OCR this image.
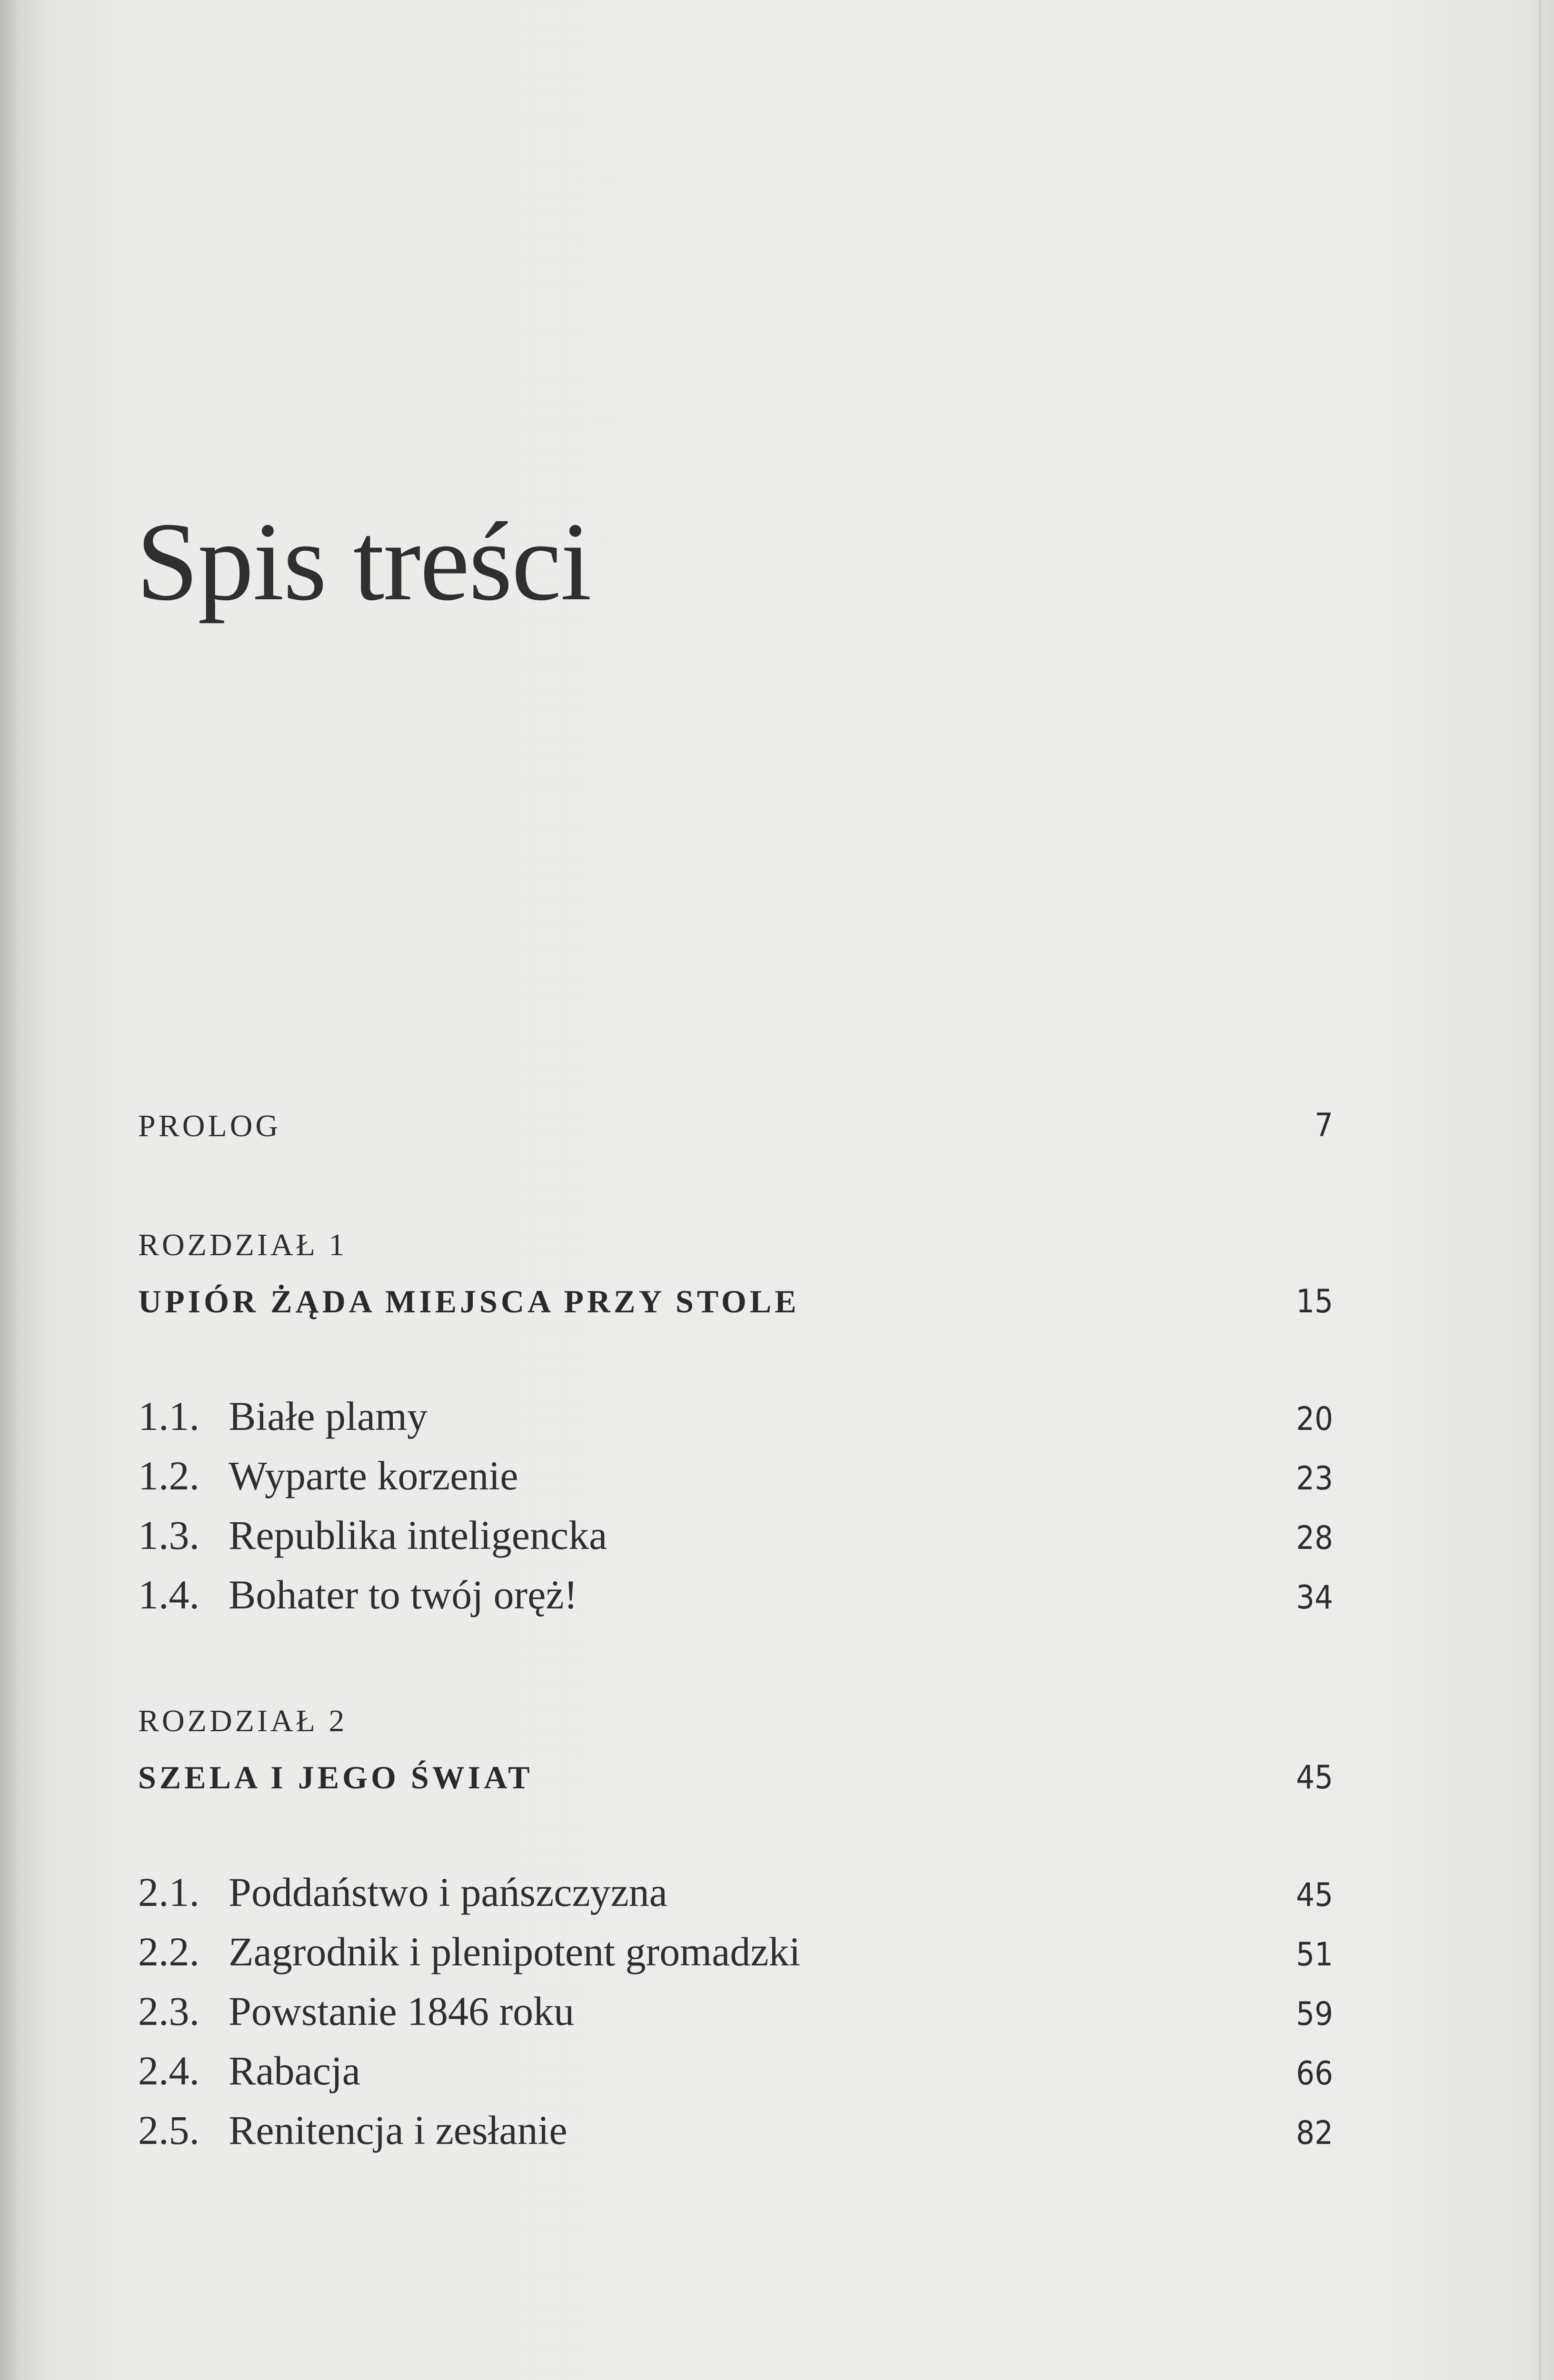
Spis treści
PROLOG	7
ROZDZIAŁ 1
UPIÓR ŻĄDA MIEJSCA PRZY STOLE	15
1.1. Białe plamy	20
1.2. Wyparte korzenie	23
1.3. Republika inteligencka	28
1.4. Bohater to twój oręż!	34
ROZDZIAŁ 2
SZELA I JEGO ŚWIAT	45
2.1. Poddaństwo i pańszczyzna	45
2.2. Zagrodnik i plenipotent gromadzki	51
2.3. Powstanie 1846 roku	59
2.4. Rabacja	66
2.5. Renitencja i zesłanie	82
